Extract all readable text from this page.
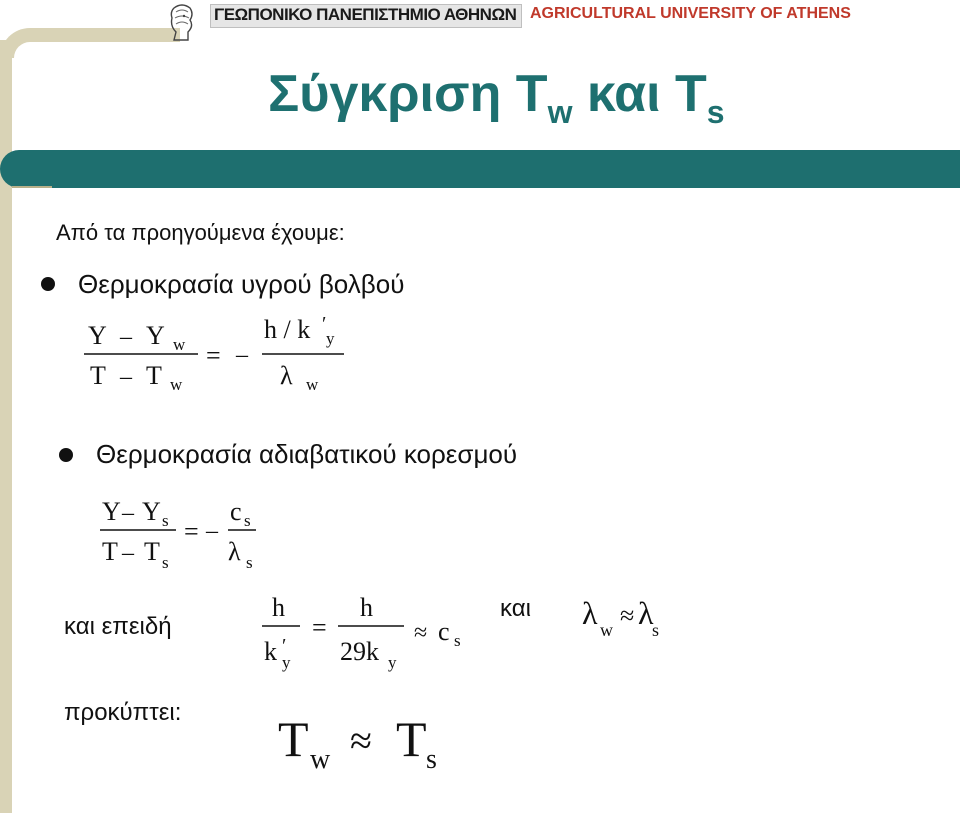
ΓΕΩΠΟΝΙΚΟ ΠΑΝΕΠΙΣΤΗΜΙΟ ΑΘΗΝΩΝ AGRICULTURAL UNIVERSITY OF ATHENS
Σύγκριση $T_w$ και $T_s$
Από τα προηγούμενα έχουμε:
Θερμοκρασία υγρού βολβού
Y – Y w
T – T w
= –
h / k ′
y
λ w
Θερμοκρασία αδιαβατικού κορεσμού
Y – Y s
T – T s
= –
c s
λ s
και επειδή
h
k ′
y
=
h
29k y
≈ c s
και λ w ≈ λ
s
προκύπτει: T w ≈ T s
